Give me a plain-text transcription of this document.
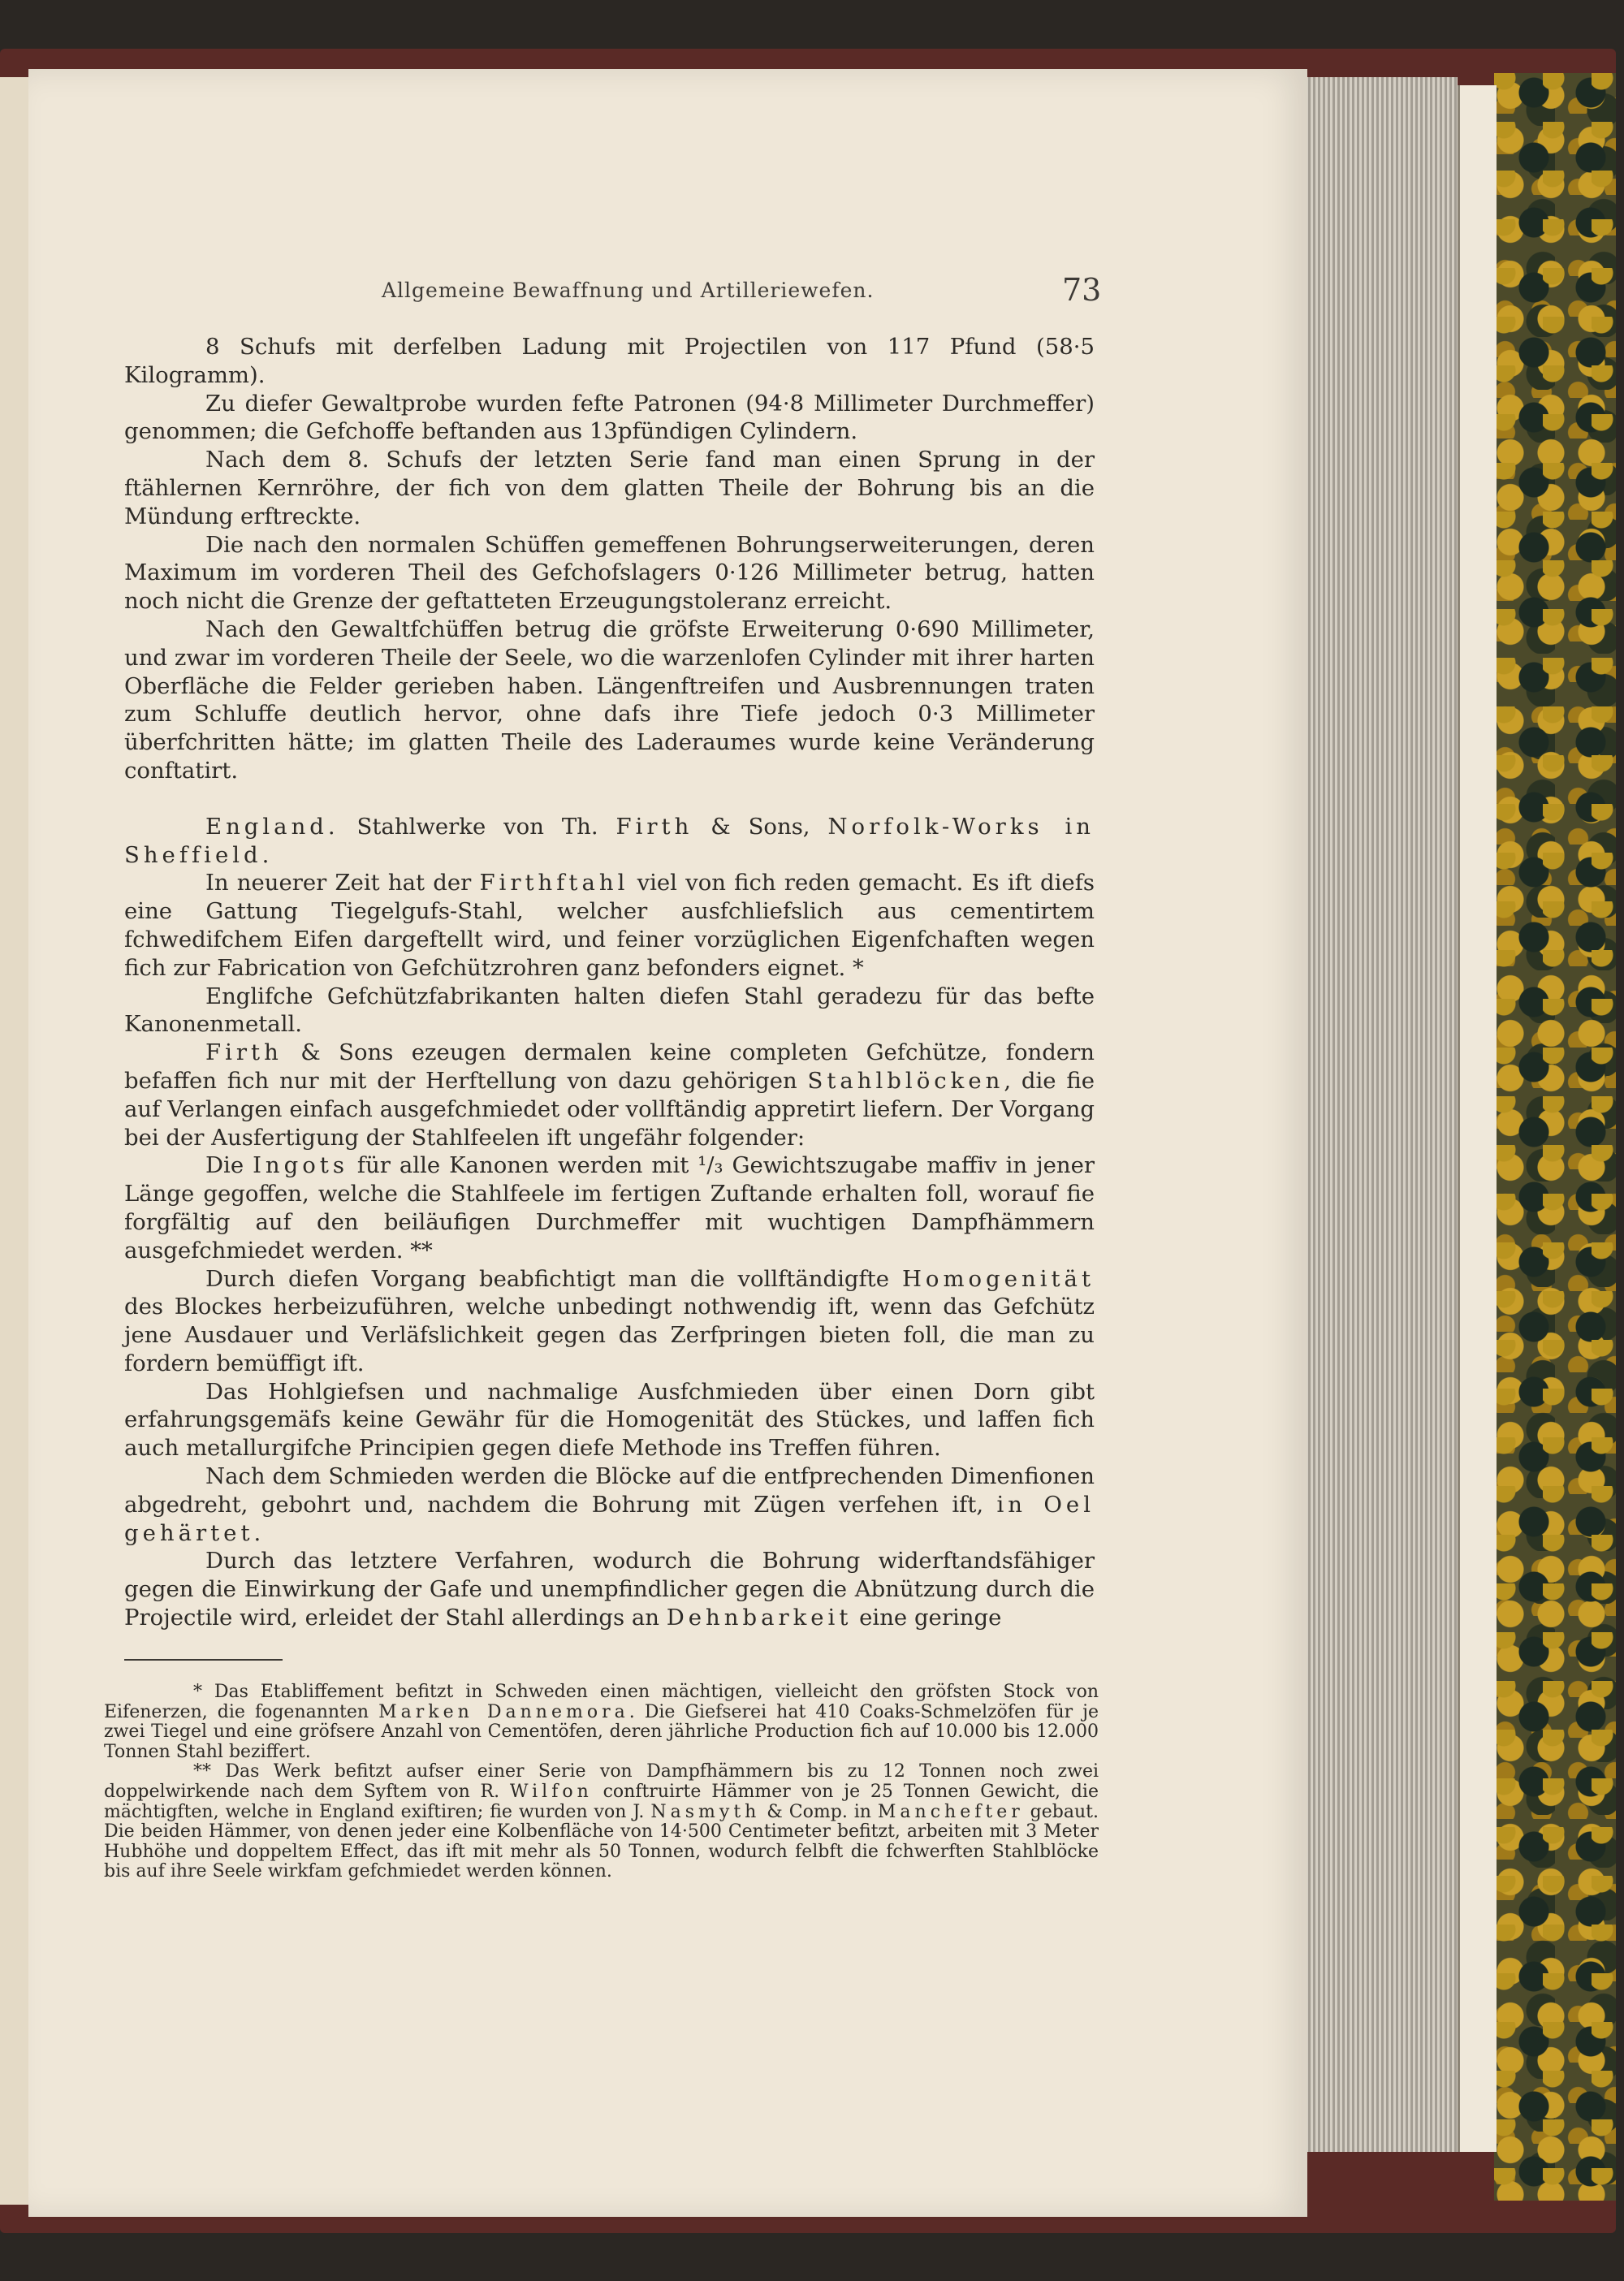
Allgemeine Bewaffnung und Artilleriewefen.	73

8 Schufs mit derfelben Ladung mit Projectilen von 117 Pfund (58·5 Kilogramm).

Zu diefer Gewaltprobe wurden fefte Patronen (94·8 Millimeter Durchmeffer) genommen; die Gefchoffe beftanden aus 13pfündigen Cylindern.

Nach dem 8. Schufs der letzten Serie fand man einen Sprung in der ftählernen Kernröhre, der fich von dem glatten Theile der Bohrung bis an die Mündung erftreckte.

Die nach den normalen Schüffen gemeffenen Bohrungserweiterungen, deren Maximum im vorderen Theil des Gefchofslagers 0·126 Millimeter betrug, hatten noch nicht die Grenze der geftatteten Erzeugungstoleranz erreicht.

Nach den Gewaltfchüffen betrug die gröfste Erweiterung 0·690 Millimeter, und zwar im vorderen Theile der Seele, wo die warzenlofen Cylinder mit ihrer harten Oberfläche die Felder gerieben haben. Längenftreifen und Ausbrennungen traten zum Schluffe deutlich hervor, ohne dafs ihre Tiefe jedoch 0·3 Millimeter überfchritten hätte; im glatten Theile des Laderaumes wurde keine Veränderung conftatirt.

England. Stahlwerke von Th. Firth & Sons, Norfolk-Works in Sheffield.

In neuerer Zeit hat der Firthftahl viel von fich reden gemacht. Es ift diefs eine Gattung Tiegelgufs-Stahl, welcher ausfchliefslich aus cementirtem fchwedifchem Eifen dargeftellt wird, und feiner vorzüglichen Eigenfchaften wegen fich zur Fabrication von Gefchützrohren ganz befonders eignet. *

Englifche Gefchützfabrikanten halten diefen Stahl geradezu für das befte Kanonenmetall.

Firth & Sons ezeugen dermalen keine completen Gefchütze, fondern befaffen fich nur mit der Herftellung von dazu gehörigen Stahlblöcken, die fie auf Verlangen einfach ausgefchmiedet oder vollftändig appretirt liefern. Der Vorgang bei der Ausfertigung der Stahlfeelen ift ungefähr folgender:

Die Ingots für alle Kanonen werden mit ¹/₃ Gewichtszugabe maffiv in jener Länge gegoffen, welche die Stahlfeele im fertigen Zuftande erhalten foll, worauf fie forgfältig auf den beiläufigen Durchmeffer mit wuchtigen Dampfhämmern ausgefchmiedet werden. **

Durch diefen Vorgang beabfichtigt man die vollftändigfte Homogenität des Blockes herbeizuführen, welche unbedingt nothwendig ift, wenn das Gefchütz jene Ausdauer und Verläfslichkeit gegen das Zerfpringen bieten foll, die man zu fordern bemüffigt ift.

Das Hohlgiefsen und nachmalige Ausfchmieden über einen Dorn gibt erfahrungsgemäfs keine Gewähr für die Homogenität des Stückes, und laffen fich auch metallurgifche Principien gegen diefe Methode ins Treffen führen.

Nach dem Schmieden werden die Blöcke auf die entfprechenden Dimenfionen abgedreht, gebohrt und, nachdem die Bohrung mit Zügen verfehen ift, in Oel gehärtet.

Durch das letztere Verfahren, wodurch die Bohrung widerftandsfähiger gegen die Einwirkung der Gafe und unempfindlicher gegen die Abnützung durch die Projectile wird, erleidet der Stahl allerdings an Dehnbarkeit eine geringe

* Das Etabliffement befitzt in Schweden einen mächtigen, vielleicht den gröfsten Stock von Eifenerzen, die fogenannten Marken Dannemora. Die Giefserei hat 410 Coaks-Schmelzöfen für je zwei Tiegel und eine gröfsere Anzahl von Cementöfen, deren jährliche Production fich auf 10.000 bis 12.000 Tonnen Stahl beziffert.

** Das Werk befitzt aufser einer Serie von Dampfhämmern bis zu 12 Tonnen noch zwei doppelwirkende nach dem Syftem von R. Wilfon conftruirte Hämmer von je 25 Tonnen Gewicht, die mächtigften, welche in England exiftiren; fie wurden von J. Nasmyth & Comp. in Manchefter gebaut. Die beiden Hämmer, von denen jeder eine Kolbenfläche von 14·500 Centimeter befitzt, arbeiten mit 3 Meter Hubhöhe und doppeltem Effect, das ift mit mehr als 50 Tonnen, wodurch felbft die fchwerften Stahlblöcke bis auf ihre Seele wirkfam gefchmiedet werden können.
